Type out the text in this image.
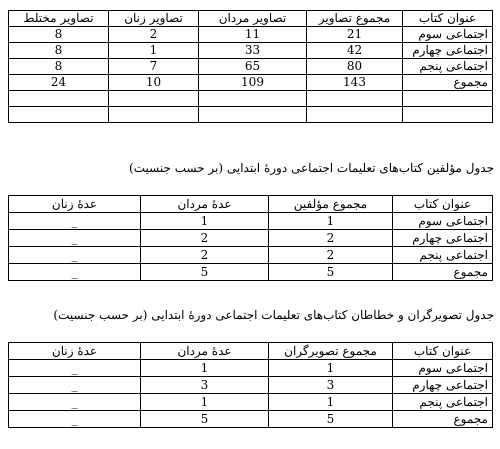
عنوان کتاب	مجموع تصاویر	تصاویر مردان	تصاویر زنان	تصاویر مختلط
اجتماعی سوم	21	11	2	8
اجتماعی چهارم	42	33	1	8
اجتماعی پنجم	80	65	7	8
مجموع	143	109	10	24

جدول مؤلفین کتاب‌های تعلیمات اجتماعی دورۀ ابتدایی (بر حسب جنسیت)
عنوان کتاب	مجموع مؤلفین	عدۀ مردان	عدۀ زنان
اجتماعی سوم	1	1	_
اجتماعی چهارم	2	2	_
اجتماعی پنجم	2	2	_
مجموع	5	5	_
جدول تصویرگران و خطاطان کتاب‌های تعلیمات اجتماعی دورۀ ابتدایی (بر حسب جنسیت)
عنوان کتاب	مجموع تصویرگران	عدۀ مردان	عدۀ زنان
اجتماعی سوم	1	1	_
اجتماعی چهارم	3	3	_
اجتماعی پنجم	1	1	_
مجموع	5	5	_
